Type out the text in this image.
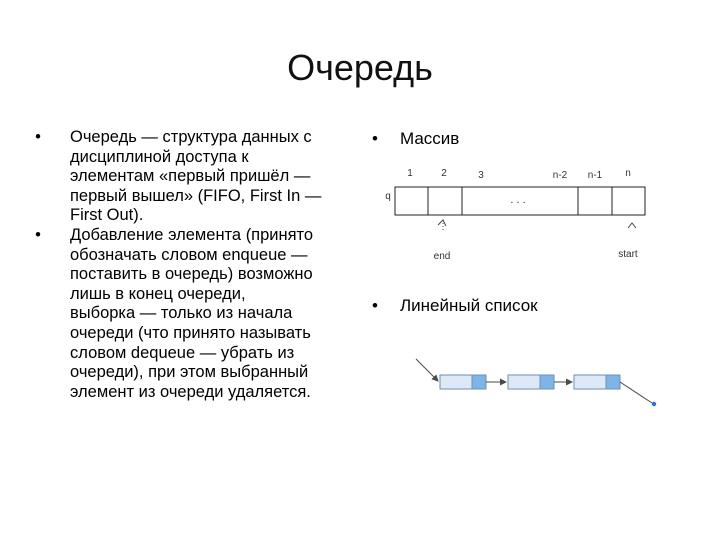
Очередь
•	Очередь — структура данных с
дисциплиной доступа к
элементам «первый пришёл —
первый вышел» (FIFO, First In —
First Out).
•	Добавление элемента (принято
обозначать словом enqueue —
поставить в очередь) возможно
лишь в конец очереди,
выборка — только из начала
очереди (что принято называть
словом dequeue — убрать из
очереди), при этом выбранный
элемент из очереди удаляется.
• Массив
1	2	3	n-2 n-1 n
q	. . .
end	start
• Линейный список
